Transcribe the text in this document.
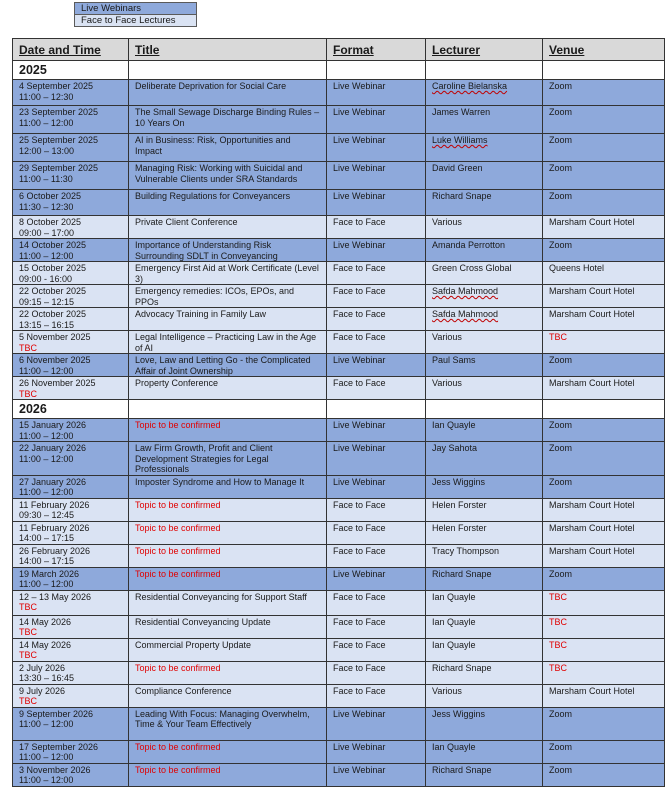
Live Webinars
Face to Face Lectures
Date and Time	Title	Format	Lecturer	Venue
2025				

4 September 2025
11:00 – 12:30	Deliberate Deprivation for Social Care	Live Webinar	Caroline Bielanska	Zoom

23 September 2025
11:00 – 12:00	The Small Sewage Discharge Binding Rules – 10 Years On	Live Webinar	James Warren	Zoom

25 September 2025
12:00 – 13:00	AI in Business: Risk, Opportunities and Impact	Live Webinar	Luke Williams	Zoom

29 September 2025
11:00 – 11:30	Managing Risk: Working with Suicidal and Vulnerable Clients under SRA Standards	Live Webinar	David Green	Zoom

6 October 2025
11:30 – 12:30	Building Regulations for Conveyancers	Live Webinar	Richard Snape	Zoom

8 October 2025
09:00 – 17:00	Private Client Conference	Face to Face	Various	Marsham Court Hotel

14 October 2025
11:00 – 12:00	Importance of Understanding Risk Surrounding SDLT in Conveyancing	Live Webinar	Amanda Perrotton	Zoom

15 October 2025
09:00 - 16:00	Emergency First Aid at Work Certificate (Level 3)	Face to Face	Green Cross Global	Queens Hotel

22 October 2025
09:15 – 12:15	Emergency remedies: ICOs, EPOs, and PPOs	Face to Face	Safda Mahmood	Marsham Court Hotel

22 October 2025
13:15 – 16:15	Advocacy Training in Family Law	Face to Face	Safda Mahmood	Marsham Court Hotel

5 November 2025
TBC	Legal Intelligence – Practicing Law in the Age of AI	Face to Face	Various	TBC

6 November 2025
11:00 – 12:00	Love, Law and Letting Go - the Complicated Affair of Joint Ownership	Live Webinar	Paul Sams	Zoom

26 November 2025
TBC	Property Conference	Face to Face	Various	Marsham Court Hotel
2026				

15 January 2026
11:00 – 12:00	Topic to be confirmed	Live Webinar	Ian Quayle	Zoom

22 January 2026
11:00 – 12:00	Law Firm Growth, Profit and Client Development Strategies for Legal Professionals	Live Webinar	Jay Sahota	Zoom

27 January 2026
11:00 – 12:00	Imposter Syndrome and How to Manage It	Live Webinar	Jess Wiggins	Zoom

11 February 2026
09:30 – 12:45	Topic to be confirmed	Face to Face	Helen Forster	Marsham Court Hotel

11 February 2026
14:00 – 17:15	Topic to be confirmed	Face to Face	Helen Forster	Marsham Court Hotel

26 February 2026
14:00 – 17:15	Topic to be confirmed	Face to Face	Tracy Thompson	Marsham Court Hotel

19 March 2026
11:00 – 12:00	Topic to be confirmed	Live Webinar	Richard Snape	Zoom

12 – 13 May 2026
TBC	Residential Conveyancing for Support Staff	Face to Face	Ian Quayle	TBC

14 May 2026
TBC	Residential Conveyancing Update	Face to Face	Ian Quayle	TBC

14 May 2026
TBC	Commercial Property Update	Face to Face	Ian Quayle	TBC

2 July 2026
13:30 – 16:45	Topic to be confirmed	Face to Face	Richard Snape	TBC

9 July 2026
TBC	Compliance Conference	Face to Face	Various	Marsham Court Hotel

9 September 2026
11:00 – 12:00	Leading With Focus: Managing Overwhelm, Time & Your Team Effectively	Live Webinar	Jess Wiggins	Zoom

17 September 2026
11:00 – 12:00	Topic to be confirmed	Live Webinar	Ian Quayle	Zoom

3 November 2026
11:00 – 12:00	Topic to be confirmed	Live Webinar	Richard Snape	Zoom
